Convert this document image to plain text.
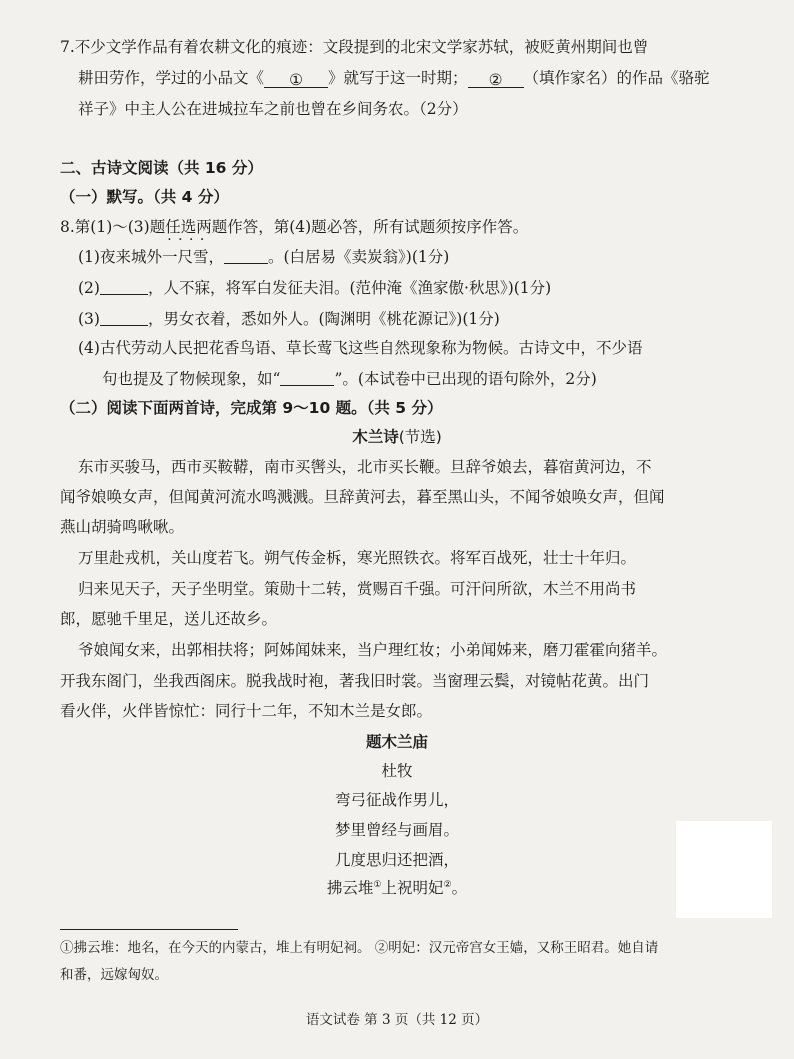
7.不少文学作品有着农耕文化的痕迹：文段提到的北宋文学家苏轼，被贬黄州期间也曾
耕田劳作，学过的小品文《 ① 》就写于这一时期； ② （填作家名）的作品《骆驼
祥子》中主人公在进城拉车之前也曾在乡间务农。（2分）
二、古诗文阅读（共 16 分）
（一）默写。（共 4 分）
8.第(1)～(3)题任选两题 · · 作答，第(4)题必答，所有试题须按序作答。
(1)夜来城外一尺雪，	。(白居易《卖炭翁》)(1分)
(2)	，人不寐，将军白发征夫泪。(范仲淹《渔家傲·秋思》)(1分)
(3)	，男女衣着，悉如外人。(陶渊明《桃花源记》)(1分)
(4)古代劳动人民把花香鸟语、草长莺飞这些自然现象称为物候。古诗文中，不少语
句也提及了物候现象，如“	”。(本试卷中已出现的语句除外，2分)
（二）阅读下面两首诗，完成第 9～10 题。（共 5 分）
木兰诗(节选)
东市买骏马，西市买鞍鞯，南市买辔头，北市买长鞭。旦辞爷娘去，暮宿黄河边，不
闻爷娘唤女声，但闻黄河流水鸣溅溅。旦辞黄河去，暮至黑山头，不闻爷娘唤女声，但闻
燕山胡骑鸣啾啾。
万里赴戎机，关山度若飞。朔气传金柝，寒光照铁衣。将军百战死，壮士十年归。
归来见天子，天子坐明堂。策勋十二转，赏赐百千强。可汗问所欲，木兰不用尚书
郎，愿驰千里足，送儿还故乡。
爷娘闻女来，出郭相扶将；阿姊闻妹来，当户理红妆；小弟闻姊来，磨刀霍霍向猪羊。
开我东阁门，坐我西阁床。脱我战时袍，著我旧时裳。当窗理云鬓，对镜帖花黄。出门
看火伴，火伴皆惊忙：同行十二年，不知木兰是女郎。
题木兰庙
杜牧
弯弓征战作男儿，
梦里曾经与画眉。
几度思归还把酒，
拂云堆①上祝明妃②。
①拂云堆：地名，在今天的内蒙古，堆上有明妃祠。 ②明妃：汉元帝宫女王嫱，又称王昭君。她自请
和番，远嫁匈奴。
语文试卷 第 3 页（共 12 页）
